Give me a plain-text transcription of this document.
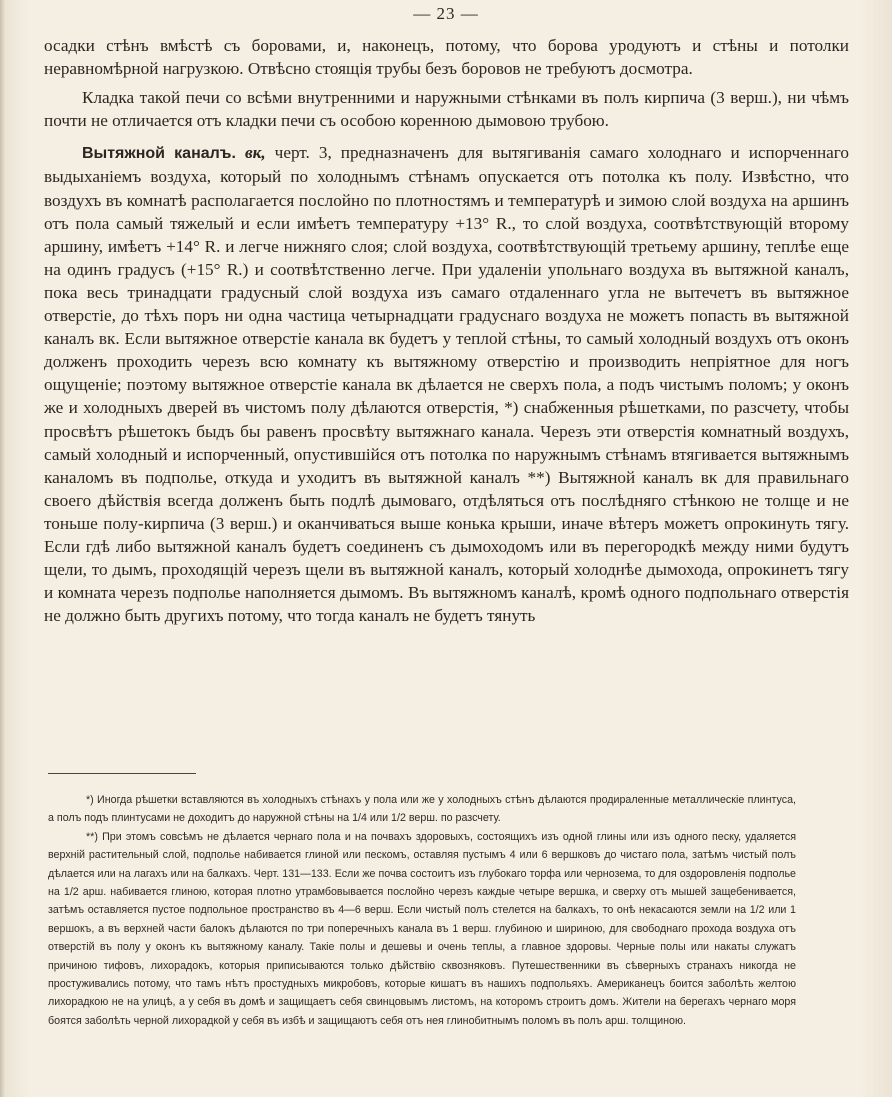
— 23 —

осадки стѣнъ вмѣстѣ съ боровами, и, наконецъ, потому, что борова уродуютъ и стѣны и потолки неравномѣрной нагрузкою. Отвѣсно стоящія трубы безъ боровов не требуютъ досмотра.

Кладка такой печи со всѣми внутренними и наружными стѣнками въ полъ кирпича (3 верш.), ни чѣмъ почти не отличается отъ кладки печи съ особою коренною дымовою трубою.

Вытяжной каналъ. вк, черт. 3, предназначенъ для вытягиванія самаго холоднаго и испорченнаго выдыханіемъ воздуха, который по холоднымъ стѣнамъ опускается отъ потолка къ полу. Извѣстно, что воздухъ въ комнатѣ располагается послойно по плотностямъ и температурѣ и зимою слой воздуха на аршинъ отъ пола самый тяжелый и если имѣетъ температуру +13° R., то слой воздуха, соотвѣтствующій второму аршину, имѣетъ +14° R. и легче нижняго слоя; слой воздуха, соотвѣтствующій третьему аршину, теплѣе еще на одинъ градусъ (+15° R.) и соотвѣтственно легче. При удаленіи упольнаго воздуха въ вытяжной каналъ, пока весь тринадцати градусный слой воздуха изъ самаго отдаленнаго угла не вытечетъ въ вытяжное отверстіе, до тѣхъ поръ ни одна частица четырнадцати градуснаго воздуха не можетъ попасть въ вытяжной каналъ вк. Если вытяжное отверстіе канала вк будетъ у теплой стѣны, то самый холодный воздухъ отъ оконъ долженъ проходить черезъ всю комнату къ вытяжному отверстію и производить непріятное для ногъ ощущеніе; поэтому вытяжное отверстіе канала вк дѣлается не сверхъ пола, а подъ чистымъ поломъ; у оконъ же и холодныхъ дверей въ чистомъ полу дѣлаются отверстія, *) снабженныя рѣшетками, по разсчету, чтобы просвѣтъ рѣшетокъ быдъ бы равенъ просвѣту вытяжнаго канала. Черезъ эти отверстія комнатный воздухъ, самый холодный и испорченный, опустившійся отъ потолка по наружнымъ стѣнамъ втягивается вытяжнымъ каналомъ въ подполье, откуда и уходитъ въ вытяжной каналъ **) Вытяжной каналъ вк для правильнаго своего дѣйствія всегда долженъ быть подлѣ дымоваго, отдѣляться отъ послѣдняго стѣнкою не толще и не тоньше полу-кирпича (3 верш.) и оканчиваться выше конька крыши, иначе вѣтеръ можетъ опрокинуть тягу. Если гдѣ либо вытяжной каналъ будетъ соединенъ съ дымоходомъ или въ перегородкѣ между ними будутъ щели, то дымъ, проходящій черезъ щели въ вытяжной каналъ, который холоднѣе дымохода, опрокинетъ тягу и комната черезъ подполье наполняется дымомъ. Въ вытяжномъ каналѣ, кромѣ одного подпольнаго отверстія не должно быть другихъ потому, что тогда каналъ не будетъ тянуть

*) Иногда рѣшетки вставляются въ холодныхъ стѣнахъ у пола или же у холодныхъ стѣнъ дѣлаются продираленные металлическіе плинтуса, а полъ подъ плинтусами не доходитъ до наружной стѣны на 1/4 или 1/2 верш. по разсчету.

**) При этомъ совсѣмъ не дѣлается чернаго пола и на почвахъ здоровыхъ, состоящихъ изъ одной глины или изъ одного песку, удаляется верхній растительный слой, подполье набивается глиной или пескомъ, оставляя пустымъ 4 или 6 вершковъ до чистаго пола, затѣмъ чистый полъ дѣлается или на лагахъ или на балкахъ. Черт. 131—133. Если же почва состоитъ изъ глубокаго торфа или чернозема, то для оздоровленія подполье на 1/2 арш. набивается глиною, которая плотно утрамбовывается послойно черезъ каждые четыре вершка, и сверху отъ мышей защебениваетcя, затѣмъ оставляется пустое подпольное пространство въ 4—6 верш. Если чистый полъ стелется на балкахъ, то онѣ некасаются земли на 1/2 или 1 вершокъ, а въ верхней части балокъ дѣлаются по три поперечныхъ канала въ 1 верш. глубиною и шириною, для свободнаго прохода воздуха отъ отверстій въ полу у оконъ къ вытяжному каналу. Такіе полы и дешевы и очень теплы, а главное здоровы. Черные полы или накаты служатъ причиною тифовъ, лихорадокъ, которыя приписываются только дѣйствію сквозняковъ. Путешественники въ сѣверныхъ странахъ никогда не простуживались потому, что тамъ нѣтъ простудныхъ микробовъ, которые кишатъ въ нашихъ подпольяхъ. Американецъ боится заболѣть желтою лихорадкою не на улицѣ, а у себя въ домѣ и защищаетъ себя свинцовымъ листомъ, на которомъ строитъ домъ. Жители на берегахъ чернаго моря боятся заболѣть черной лихорадкой у себя въ избѣ и защищаютъ себя отъ нея глинобитнымъ поломъ въ полъ арш. толщиною.
